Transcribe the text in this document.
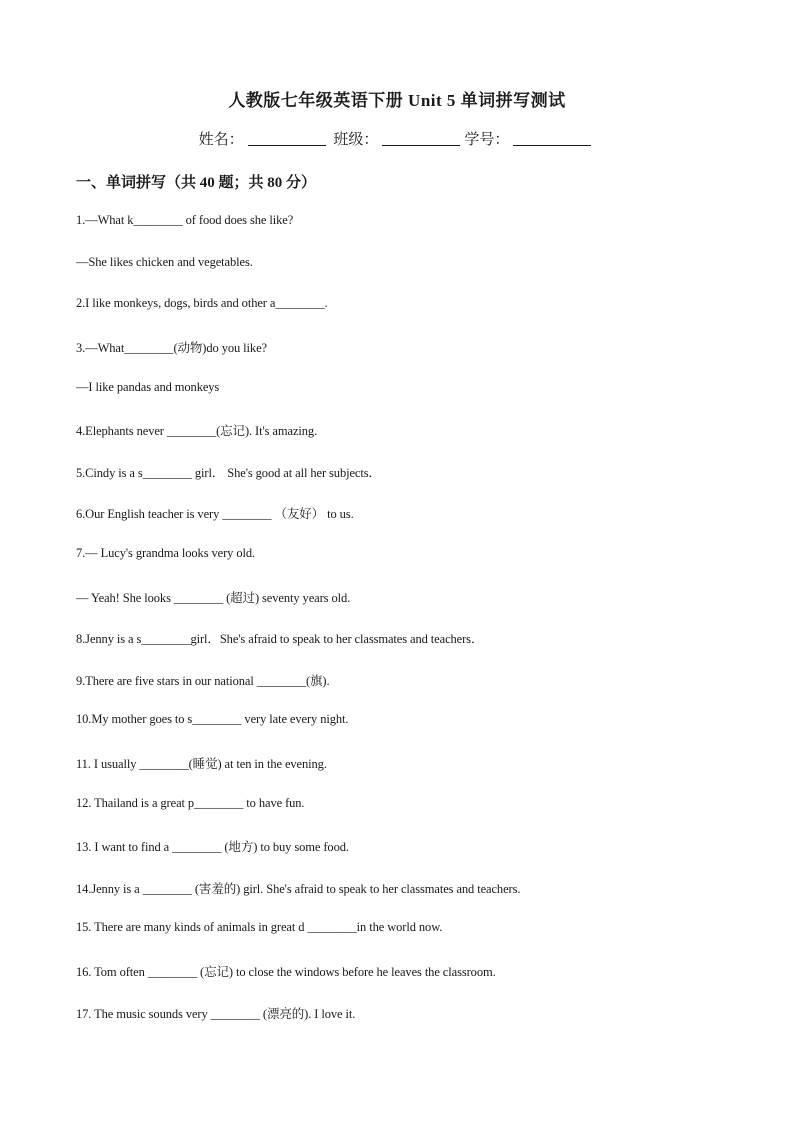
人教版七年级英语下册 Unit 5 单词拼写测试
姓名：	班级：	学号：
一、单词拼写（共 40 题；共 80 分）
1.—What k________ of food does she like?
—She likes chicken and vegetables.
2.I like monkeys, dogs, birds and other a________.
3.—What________(动物)do you like?
—I like pandas and monkeys
4.Elephants never ________(忘记). It's amazing.
5.Cindy is a s________ girl． She's good at all her subjects．
6.Our English teacher is very ________ （友好） to us.
7.— Lucy's grandma looks very old.
— Yeah! She looks ________ (超过) seventy years old.
8.Jenny is a s________girl．She's afraid to speak to her classmates and teachers．
9.There are five stars in our national ________(旗).
10.My mother goes to s________ very late every night.
11. I usually ________(睡觉) at ten in the evening.
12. Thailand is a great p________ to have fun.
13. I want to find a ________ (地方) to buy some food.
14.Jenny is a ________ (害羞的) girl. She's afraid to speak to her classmates and teachers.
15. There are many kinds of animals in great d ________in the world now.
16. Tom often ________ (忘记) to close the windows before he leaves the classroom.
17. The music sounds very ________ (漂亮的). I love it.
